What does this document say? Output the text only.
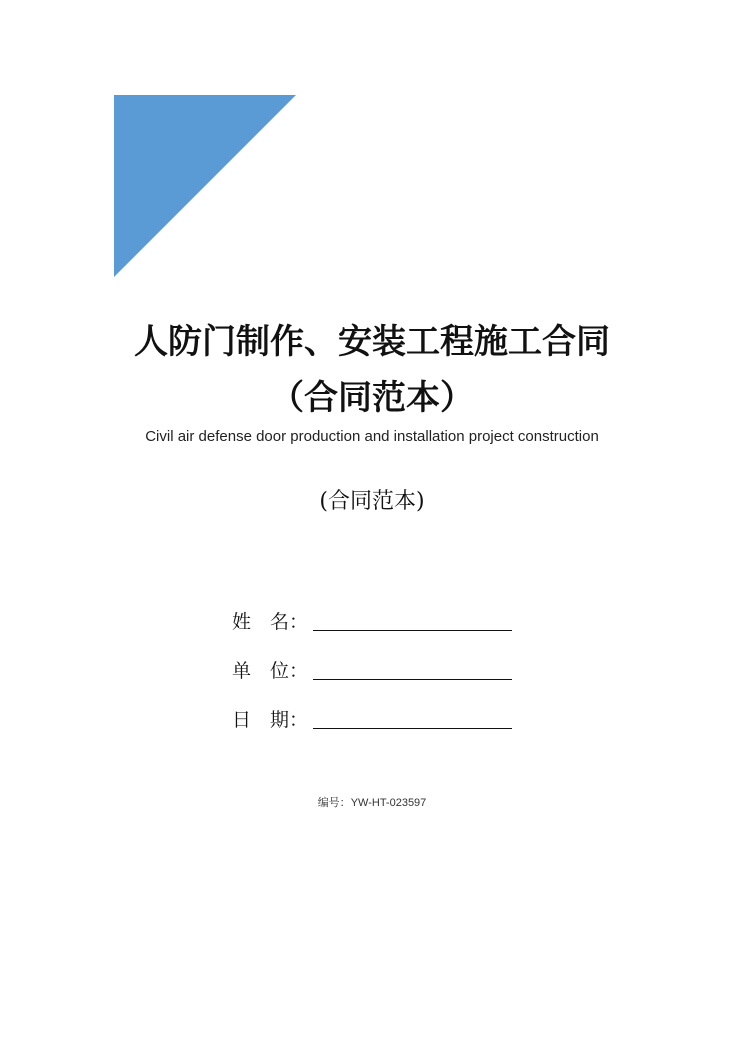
人防门制作、安装工程施工合同
（合同范本）
Civil air defense door production and installation project construction
(合同范本)
姓　名：
单　位：
日　期：
编号：YW-HT-023597
